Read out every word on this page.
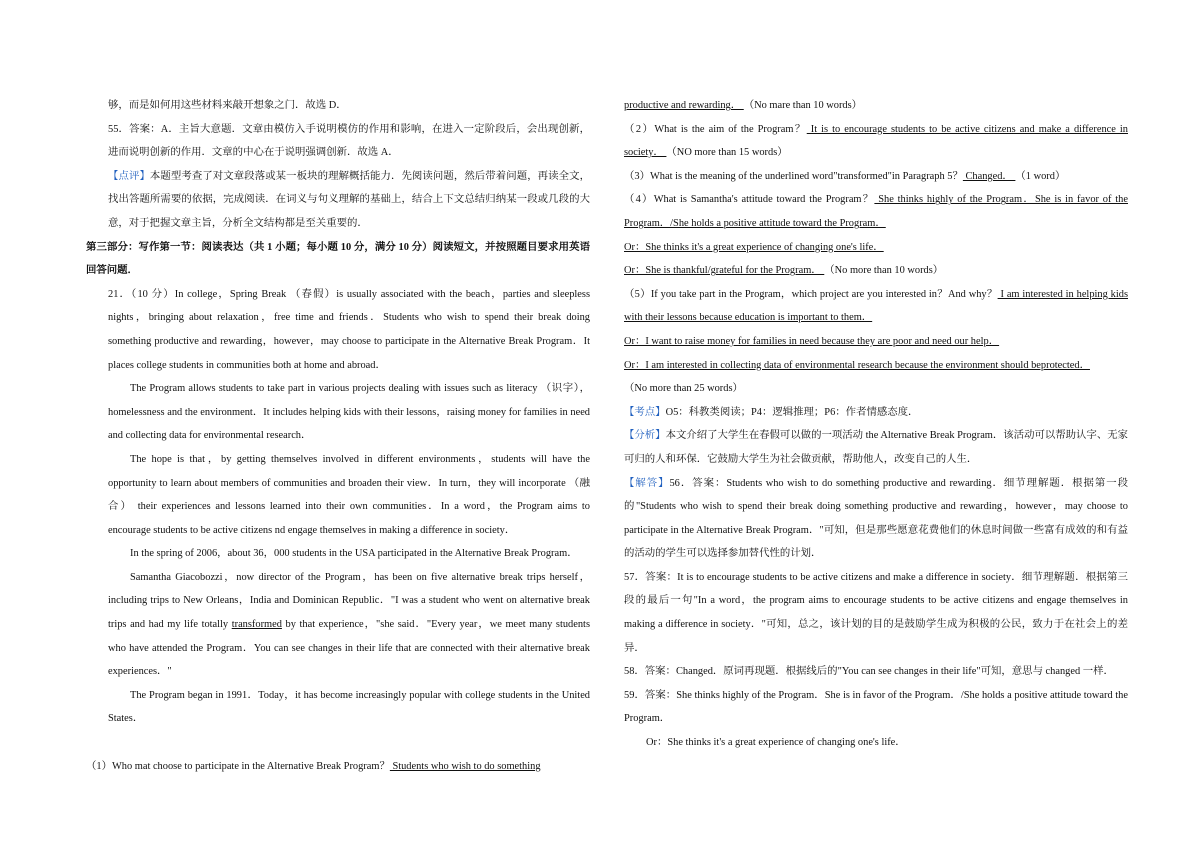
够，而是如何用这些材料来敲开想象之门．故选 D．

55．答案：A．主旨大意题．文章由模仿入手说明模仿的作用和影响，在进入一定阶段后，会出现创新，进而说明创新的作用．文章的中心在于说明强调创新．故选 A．

【点评】本题型考查了对文章段落或某一板块的理解概括能力．先阅读问题，然后带着问题，再读全文，找出答题所需要的依据，完成阅读．在词义与句义理解的基础上，结合上下文总结归纳某一段或几段的大意，对于把握文章主旨，分析全文结构都是至关重要的．

第三部分：写作第一节：阅读表达（共 1 小题；每小题 10 分，满分 10 分）阅读短文，并按照题目要求用英语回答问题．

21．（10 分）In college，Spring Break （春假）is usually associated with the beach，parties and sleepless nights，bringing about relaxation，free time and friends．Students who wish to spend their break doing something productive and rewarding，however，may choose to participate in the Alternative Break Program．It places college students in communities both at home and abroad．

The Program allows students to take part in various projects dealing with issues such as literacy （识字），homelessness and the environment．It includes helping kids with their lessons，raising money for families in need and collecting data for environmental research．

The hope is that，by getting themselves involved in different environments，students will have the opportunity to learn about members of communities and broaden their view．In turn，they will incorporate （融合） their experiences and lessons learned into their own communities．In a word，the Program aims to encourage students to be active citizens nd engage themselves in making a difference in society．

In the spring of 2006，about 36，000 students in the USA participated in the Alternative Break Program．

Samantha Giacobozzi，now director of the Program，has been on five alternative break trips herself，including trips to New Orleans，India and Dominican Republic．"I was a student who went on alternative break trips and had my life totally transformed by that experience，"she said．"Every year，we meet many students who have attended the Program．You can see changes in their life that are connected with their alternative break experiences．"

The Program began in 1991．Today，it has become increasingly popular with college students in the United States．

（1）Who mat choose to participate in the Alternative Break Program？ Students who wish to do something

productive and rewarding． （No mare than 10 words）

（2）What is the aim of the Program？ It is to encourage students to be active citizens and make a difference in society． （NO more than 15 words）

（3）What is the meaning of the underlined word"transformed"in Paragraph 5？ Changed． （1 word）

（4）What is Samantha's attitude toward the Program？ She thinks highly of the Program．She is in favor of the Program．/She holds a positive attitude toward the Program．

Or：She thinks it's a great experience of changing one's life．

Or：She is thankful/grateful for the Program． （No more than 10 words）

（5）If you take part in the Program，which project are you interested in？And why？ I am interested in helping kids with their lessons because education is important to them．

Or：I want to raise money for families in need because they are poor and need our help．

Or：I am interested in collecting data of environmental research because the environment should beprotected．

（No more than 25 words）

【考点】O5：科教类阅读；P4：逻辑推理；P6：作者情感态度．

【分析】本文介绍了大学生在春假可以做的一项活动 the Alternative Break Program．该活动可以帮助认字、无家可归的人和环保．它鼓励大学生为社会做贡献，帮助他人，改变自己的人生．

【解答】56．答案：Students who wish to do something productive and rewarding．细节理解题．根据第一段的"Students who wish to spend their break doing something productive and rewarding，however，may choose to participate in the Alternative Break Program．"可知，但是那些愿意花费他们的休息时间做一些富有成效的和有益的活动的学生可以选择参加替代性的计划．

57．答案：It is to encourage students to be active citizens and make a difference in society．细节理解题．根据第三段的最后一句"In a word，the program aims to encourage students to be active citizens and engage themselves in making a difference in society．"可知，总之，该计划的目的是鼓励学生成为积极的公民，致力于在社会上的差异．

58．答案：Changed．原词再现题．根据线后的"You can see changes in their life"可知，意思与 changed 一样．

59．答案：She thinks highly of the Program．She is in favor of the Program．/She holds a positive attitude toward the Program．

Or：She thinks it's a great experience of changing one's life．
